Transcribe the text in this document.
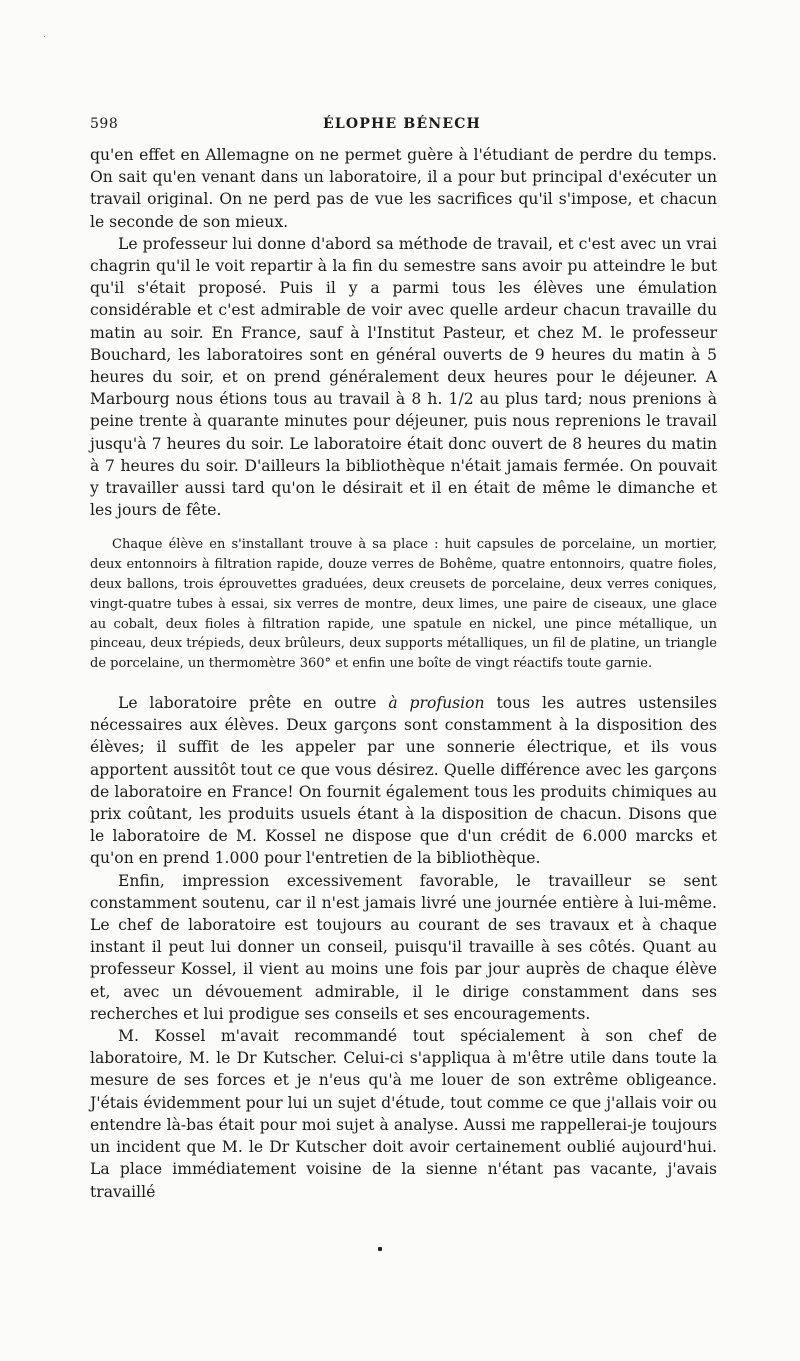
598	ÉLOPHE BÉNECH

qu'en effet en Allemagne on ne permet guère à l'étudiant de perdre du temps. On sait qu'en venant dans un laboratoire, il a pour but principal d'exécuter un travail original. On ne perd pas de vue les sacrifices qu'il s'impose, et chacun le seconde de son mieux.

Le professeur lui donne d'abord sa méthode de travail, et c'est avec un vrai chagrin qu'il le voit repartir à la fin du semestre sans avoir pu atteindre le but qu'il s'était proposé. Puis il y a parmi tous les élèves une émulation considérable et c'est admirable de voir avec quelle ardeur chacun travaille du matin au soir. En France, sauf à l'Institut Pasteur, et chez M. le professeur Bouchard, les laboratoires sont en général ouverts de 9 heures du matin à 5 heures du soir, et on prend généralement deux heures pour le déjeuner. A Marbourg nous étions tous au travail à 8 h. 1/2 au plus tard; nous prenions à peine trente à quarante minutes pour déjeuner, puis nous reprenions le travail jusqu'à 7 heures du soir. Le laboratoire était donc ouvert de 8 heures du matin à 7 heures du soir. D'ailleurs la bibliothèque n'était jamais fermée. On pouvait y travailler aussi tard qu'on le désirait et il en était de même le dimanche et les jours de fête.

Chaque élève en s'installant trouve à sa place : huit capsules de porcelaine, un mortier, deux entonnoirs à filtration rapide, douze verres de Bohême, quatre entonnoirs, quatre fioles, deux ballons, trois éprouvettes graduées, deux creusets de porcelaine, deux verres coniques, vingt-quatre tubes à essai, six verres de montre, deux limes, une paire de ciseaux, une glace au cobalt, deux fioles à filtration rapide, une spatule en nickel, une pince métallique, un pinceau, deux trépieds, deux brûleurs, deux supports métalliques, un fil de platine, un triangle de porcelaine, un thermomètre 360° et enfin une boîte de vingt réactifs toute garnie.

Le laboratoire prête en outre à profusion tous les autres ustensiles nécessaires aux élèves. Deux garçons sont constamment à la disposition des élèves; il suffit de les appeler par une sonnerie électrique, et ils vous apportent aussitôt tout ce que vous désirez. Quelle différence avec les garçons de laboratoire en France! On fournit également tous les produits chimiques au prix coûtant, les produits usuels étant à la disposition de chacun. Disons que le laboratoire de M. Kossel ne dispose que d'un crédit de 6.000 marcks et qu'on en prend 1.000 pour l'entretien de la bibliothèque.

Enfin, impression excessivement favorable, le travailleur se sent constamment soutenu, car il n'est jamais livré une journée entière à lui-même. Le chef de laboratoire est toujours au courant de ses travaux et à chaque instant il peut lui donner un conseil, puisqu'il travaille à ses côtés. Quant au professeur Kossel, il vient au moins une fois par jour auprès de chaque élève et, avec un dévouement admirable, il le dirige constamment dans ses recherches et lui prodigue ses conseils et ses encouragements.

M. Kossel m'avait recommandé tout spécialement à son chef de laboratoire, M. le Dr Kutscher. Celui-ci s'appliqua à m'être utile dans toute la mesure de ses forces et je n'eus qu'à me louer de son extrême obligeance. J'étais évidemment pour lui un sujet d'étude, tout comme ce que j'allais voir ou entendre là-bas était pour moi sujet à analyse. Aussi me rappellerai-je toujours un incident que M. le Dr Kutscher doit avoir certainement oublié aujourd'hui. La place immédiatement voisine de la sienne n'étant pas vacante, j'avais travaillé
